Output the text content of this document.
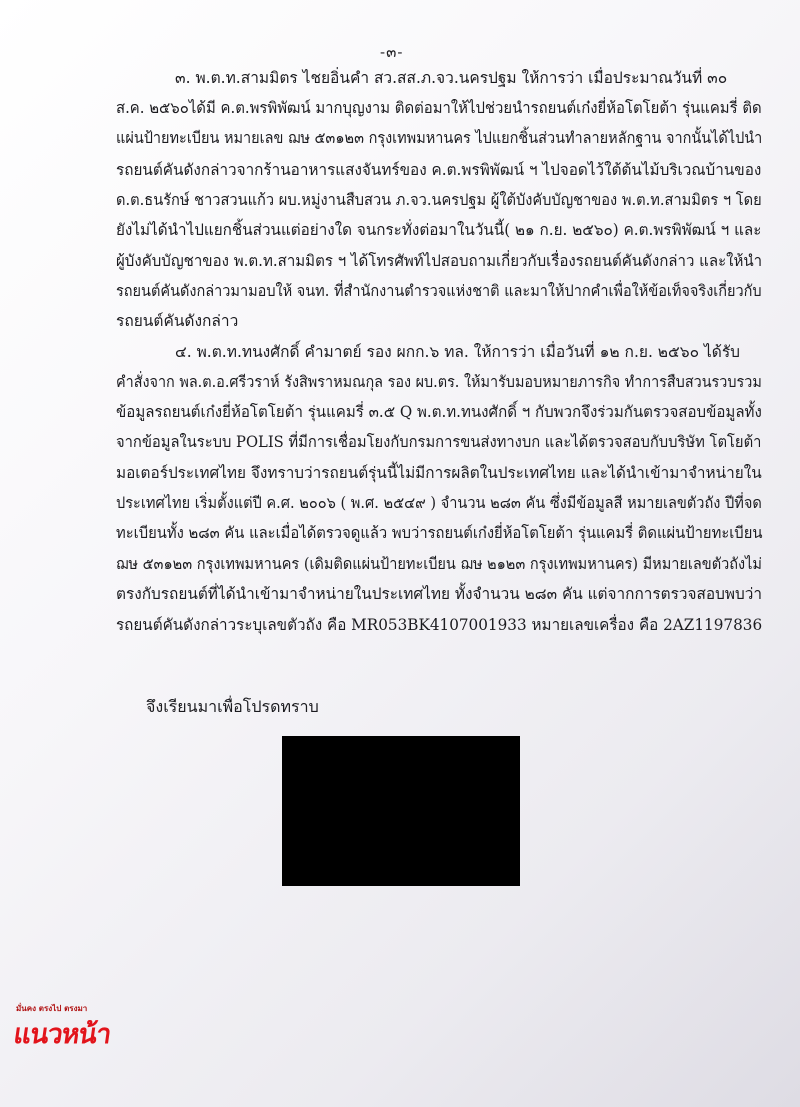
-๓-
๓. พ.ต.ท.สามมิตร ไชยอิ่นคำ สว.สส.ภ.จว.นครปฐม ให้การว่า เมื่อประมาณวันที่ ๓๐
ส.ค. ๒๕๖๐ได้มี ค.ต.พรพิพัฒน์ มากบุญงาม ติดต่อมาให้ไปช่วยนำรถยนต์เก๋งยี่ห้อโตโยต้า รุ่นแคมรี่ ติด
แผ่นป้ายทะเบียน หมายเลข ฌษ ๕๓๑๒๓ กรุงเทพมหานคร ไปแยกชิ้นส่วนทำลายหลักฐาน จากนั้นได้ไปนำ
รถยนต์คันดังกล่าวจากร้านอาหารแสงจันทร์ของ ค.ต.พรพิพัฒน์ ฯ ไปจอดไว้ใต้ต้นไม้บริเวณบ้านของ
ด.ต.ธนรักษ์ ชาวสวนแก้ว ผบ.หมู่งานสืบสวน ภ.จว.นครปฐม ผู้ใต้บังคับบัญชาของ พ.ต.ท.สามมิตร ฯ โดย
ยังไม่ได้นำไปแยกชิ้นส่วนแต่อย่างใด จนกระทั่งต่อมาในวันนี้( ๒๑ ก.ย. ๒๕๖๐) ค.ต.พรพิพัฒน์ ฯ และ
ผู้บังคับบัญชาของ พ.ต.ท.สามมิตร ฯ ได้โทรศัพท์ไปสอบถามเกี่ยวกับเรื่องรถยนต์คันดังกล่าว และให้นำ
รถยนต์คันดังกล่าวมามอบให้ จนท. ที่สำนักงานตำรวจแห่งชาติ และมาให้ปากคำเพื่อให้ข้อเท็จจริงเกี่ยวกับ
รถยนต์คันดังกล่าว
๔. พ.ต.ท.ทนงศักดิ์ คำมาตย์ รอง ผกก.๖ ทล. ให้การว่า เมื่อวันที่ ๑๒ ก.ย. ๒๕๖๐ ได้รับ
คำสั่งจาก พล.ต.อ.ศรีวราห์ รังสิพราหมณกุล รอง ผบ.ตร. ให้มารับมอบหมายภารกิจ ทำการสืบสวนรวบรวม
ข้อมูลรถยนต์เก๋งยี่ห้อโตโยต้า รุ่นแคมรี่ ๓.๕ Q พ.ต.ท.ทนงศักดิ์ ฯ กับพวกจึงร่วมกันตรวจสอบข้อมูลทั้ง
จากข้อมูลในระบบ POLIS ที่มีการเชื่อมโยงกับกรมการขนส่งทางบก และได้ตรวจสอบกับบริษัท โตโยต้า
มอเตอร์ประเทศไทย จึงทราบว่ารถยนต์รุ่นนี้ไม่มีการผลิตในประเทศไทย และได้นำเข้ามาจำหน่ายใน
ประเทศไทย เริ่มตั้งแต่ปี ค.ศ. ๒๐๐๖ ( พ.ศ. ๒๕๔๙ ) จำนวน ๒๘๓ คัน ซึ่งมีข้อมูลสี หมายเลขตัวถัง ปีที่จด
ทะเบียนทั้ง ๒๘๓ คัน และเมื่อได้ตรวจดูแล้ว พบว่ารถยนต์เก๋งยี่ห้อโตโยต้า รุ่นแคมรี่ ติดแผ่นป้ายทะเบียน
ฌษ ๕๓๑๒๓ กรุงเทพมหานคร (เดิมติดแผ่นป้ายทะเบียน ฌษ ๒๑๒๓ กรุงเทพมหานคร) มีหมายเลขตัวถังไม่
ตรงกับรถยนต์ที่ได้นำเข้ามาจำหน่ายในประเทศไทย ทั้งจำนวน ๒๘๓ คัน แต่จากการตรวจสอบพบว่า
รถยนต์คันดังกล่าวระบุเลขตัวถัง คือ MR053BK4107001933 หมายเลขเครื่อง คือ 2AZ1197836
จึงเรียนมาเพื่อโปรดทราบ
มั่นคง ตรงไป ตรงมา
แนวหน้า
